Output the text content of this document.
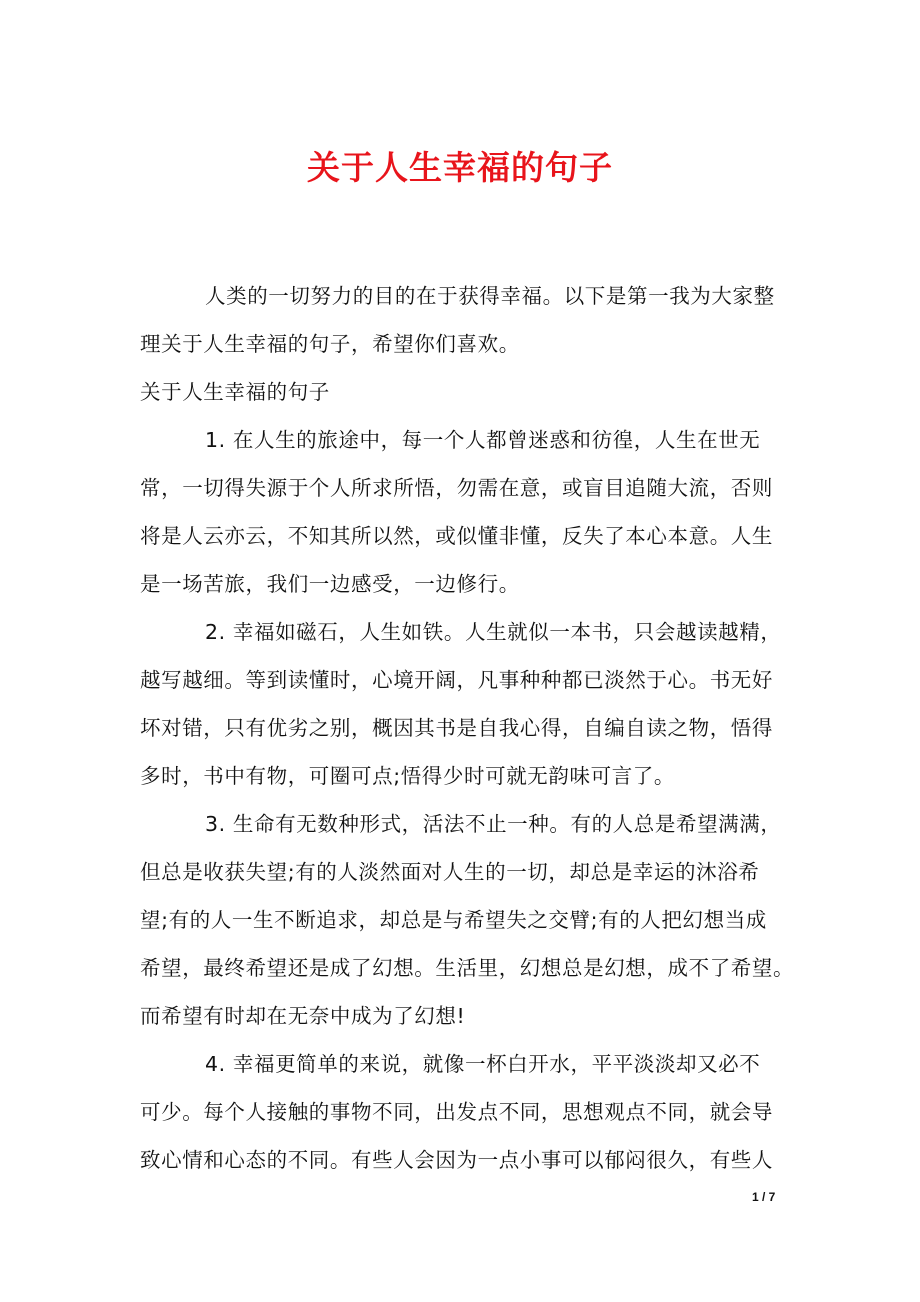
关于人生幸福的句子
人类的一切努力的目的在于获得幸福。以下是第一我为大家整
理关于人生幸福的句子，希望你们喜欢。
关于人生幸福的句子
1. 在人生的旅途中，每一个人都曾迷惑和彷徨，人生在世无
常，一切得失源于个人所求所悟，勿需在意，或盲目追随大流，否则
将是人云亦云，不知其所以然，或似懂非懂，反失了本心本意。人生
是一场苦旅，我们一边感受，一边修行。
2. 幸福如磁石，人生如铁。人生就似一本书，只会越读越精，
越写越细。等到读懂时，心境开阔，凡事种种都已淡然于心。书无好
坏对错，只有优劣之别，概因其书是自我心得，自编自读之物，悟得
多时，书中有物，可圈可点;悟得少时可就无韵味可言了。
3. 生命有无数种形式，活法不止一种。有的人总是希望满满，
但总是收获失望;有的人淡然面对人生的一切，却总是幸运的沐浴希
望;有的人一生不断追求，却总是与希望失之交臂;有的人把幻想当成
希望，最终希望还是成了幻想。生活里，幻想总是幻想，成不了希望。
而希望有时却在无奈中成为了幻想!
4. 幸福更简单的来说，就像一杯白开水，平平淡淡却又必不
可少。每个人接触的事物不同，出发点不同，思想观点不同，就会导
致心情和心态的不同。有些人会因为一点小事可以郁闷很久，有些人
1 / 7
